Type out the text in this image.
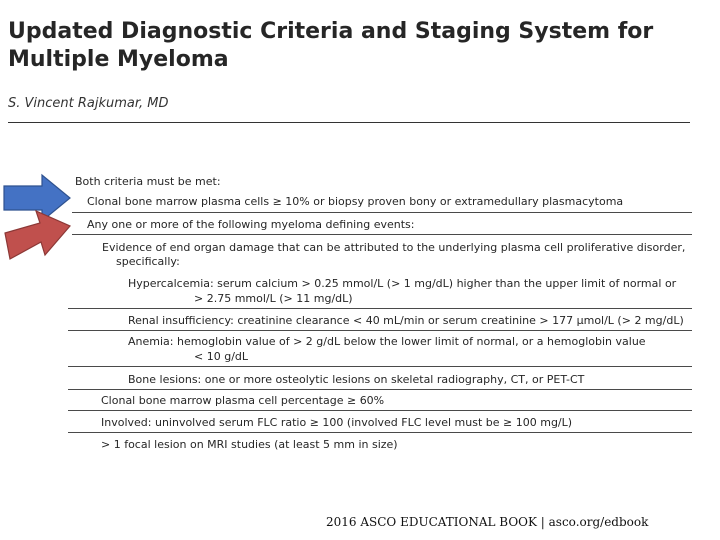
Updated Diagnostic Criteria and Staging System for Multiple Myeloma
S. Vincent Rajkumar, MD
Both criteria must be met:
Clonal bone marrow plasma cells ≥ 10% or biopsy proven bony or extramedullary plasmacytoma
Any one or more of the following myeloma defining events:
Evidence of end organ damage that can be attributed to the underlying plasma cell proliferative disorder,
specifically:
Hypercalcemia: serum calcium > 0.25 mmol/L (> 1 mg/dL) higher than the upper limit of normal or
> 2.75 mmol/L (> 11 mg/dL)
Renal insufficiency: creatinine clearance < 40 mL/min or serum creatinine > 177 μmol/L (> 2 mg/dL)
Anemia: hemoglobin value of > 2 g/dL below the lower limit of normal, or a hemoglobin value
< 10 g/dL
Bone lesions: one or more osteolytic lesions on skeletal radiography, CT, or PET-CT
Clonal bone marrow plasma cell percentage ≥ 60%
Involved: uninvolved serum FLC ratio ≥ 100 (involved FLC level must be ≥ 100 mg/L)
> 1 focal lesion on MRI studies (at least 5 mm in size)
2016 ASCO EDUCATIONAL BOOK | asco.org/edbook
